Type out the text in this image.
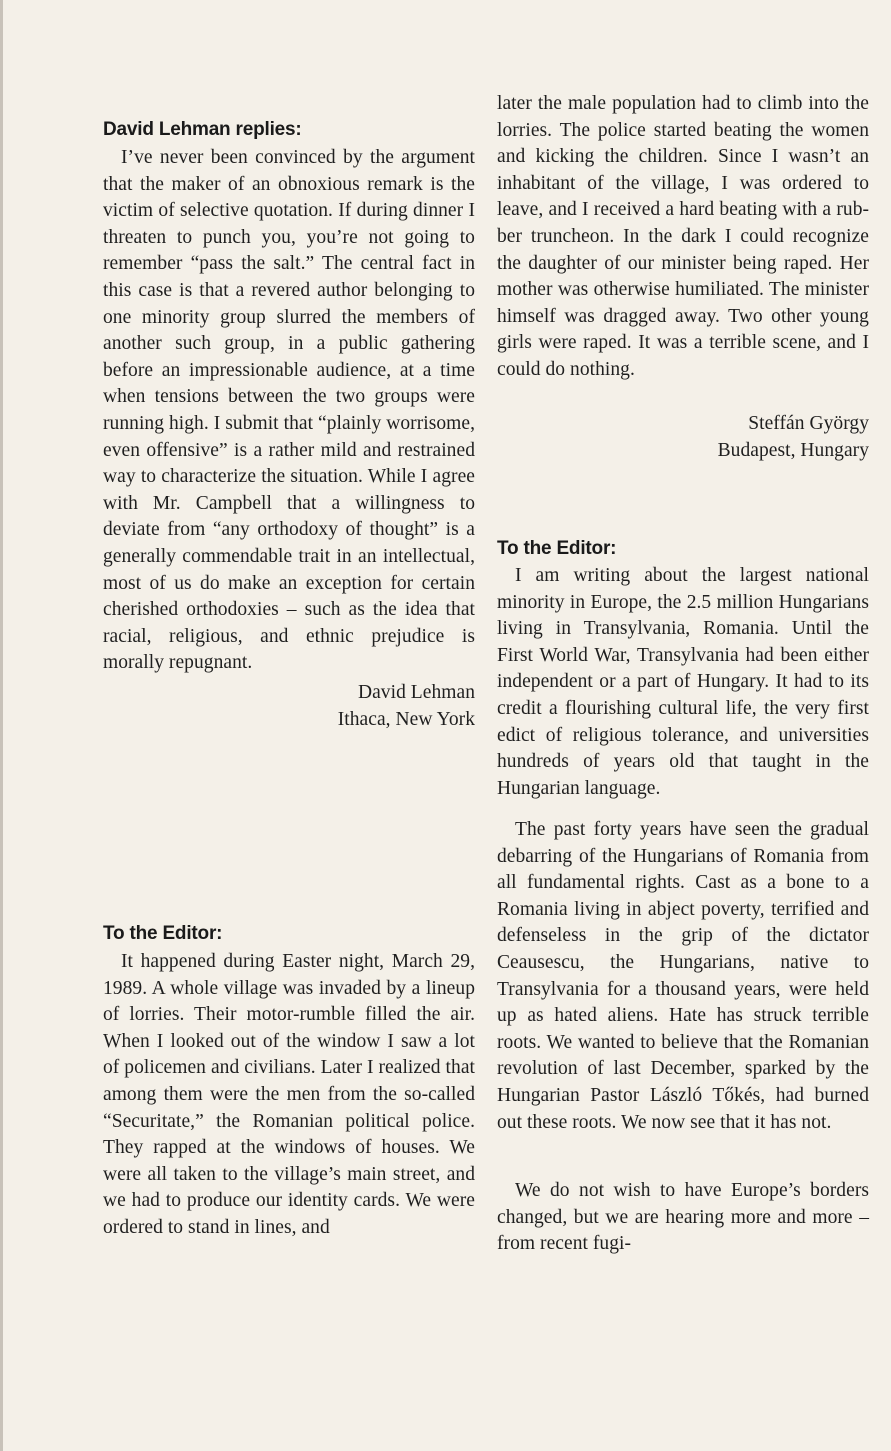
David Lehman replies:

I’ve never been convinced by the argument that the maker of an obnoxious remark is the victim of selective quotation. If during dinner I threaten to punch you, you’re not going to remember “pass the salt.” The central fact in this case is that a revered author belonging to one minority group slurred the members of another such group, in a public gathering before an impressionable audience, at a time when tensions between the two groups were running high. I submit that “plainly worrisome, even offensive” is a rather mild and restrained way to characterize the situation. While I agree with Mr. Campbell that a willingness to deviate from “any orthodoxy of thought” is a generally commendable trait in an intellectual, most of us do make an exception for certain cherished orthodoxies – such as the idea that racial, religious, and ethnic prejudice is morally repugnant.

David Lehman
Ithaca, New York
To the Editor:

It happened during Easter night, March 29, 1989. A whole village was invaded by a lineup of lorries. Their motor-rumble filled the air. When I looked out of the window I saw a lot of policemen and civilians. Later I realized that among them were the men from the so-called “Securitate,” the Romanian political police. They rapped at the windows of houses. We were all taken to the village’s main street, and we had to produce our identity cards. We were ordered to stand in lines, and

later the male population had to climb into the lorries. The police started beating the women and kicking the children. Since I wasn’t an inhabitant of the village, I was ordered to leave, and I received a hard beating with a rubber truncheon. In the dark I could recognize the daughter of our minister being raped. Her mother was otherwise humiliated. The minister himself was dragged away. Two other young girls were raped. It was a terrible scene, and I could do nothing.

Steffán György
Budapest, Hungary
To the Editor:

I am writing about the largest national minority in Europe, the 2.5 million Hungarians living in Transylvania, Romania. Until the First World War, Transylvania had been either independent or a part of Hungary. It had to its credit a flourishing cultural life, the very first edict of religious tolerance, and universities hundreds of years old that taught in the Hungarian language.

The past forty years have seen the gradual debarring of the Hungarians of Romania from all fundamental rights. Cast as a bone to a Romania living in abject poverty, terrified and defenseless in the grip of the dictator Ceausescu, the Hungarians, native to Transylvania for a thousand years, were held up as hated aliens. Hate has struck terrible roots. We wanted to believe that the Romanian revolution of last December, sparked by the Hungarian Pastor László Tőkés, had burned out these roots. We now see that it has not.

We do not wish to have Europe’s borders changed, but we are hearing more and more – from recent fugi-
